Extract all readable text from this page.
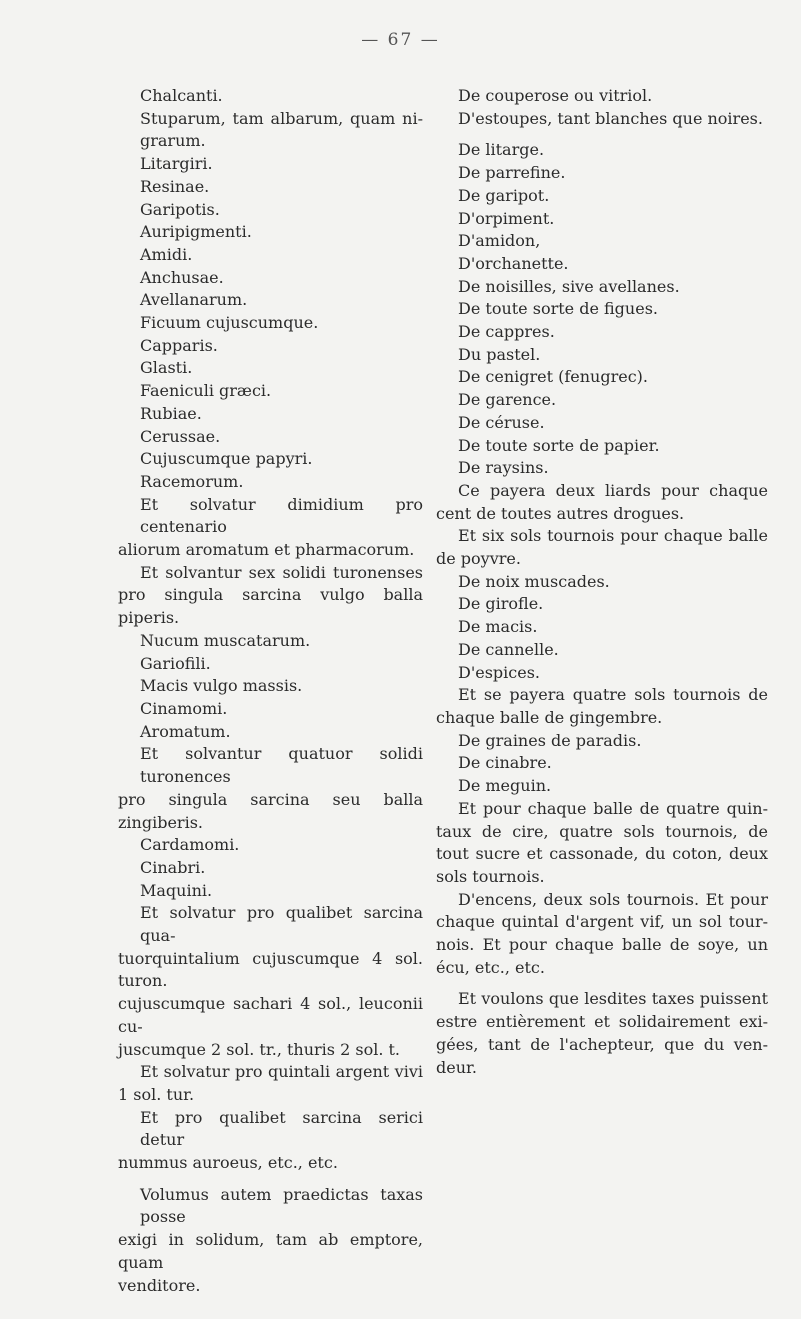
— 67 —
Chalcanti.
Stuparum, tam albarum, quam ni-
grarum.
Litargiri.
Resinae.
Garipotis.
Auripigmenti.
Amidi.
Anchusae.
Avellanarum.
Ficuum cujuscumque.
Capparis.
Glasti.
Faeniculi græci.
Rubiae.
Cerussae.
Cujuscumque papyri.
Racemorum.
Et solvatur dimidium pro centenario
aliorum aromatum et pharmacorum.
Et solvantur sex solidi turonenses
pro singula sarcina vulgo balla piperis.
Nucum muscatarum.
Gariofili.
Macis vulgo massis.
Cinamomi.
Aromatum.
Et solvantur quatuor solidi turonences
pro singula sarcina seu balla zingiberis.
Cardamomi.
Cinabri.
Maquini.
Et solvatur pro qualibet sarcina qua-
tuorquintalium cujuscumque 4 sol. turon.
cujuscumque sachari 4 sol., leuconii cu-
juscumque 2 sol. tr., thuris 2 sol. t.
Et solvatur pro quintali argent vivi
1 sol. tur.
Et pro qualibet sarcina serici detur
nummus auroeus, etc., etc.
Volumus autem praedictas taxas posse
exigi in solidum, tam ab emptore, quam
venditore.
De couperose ou vitriol.
D'estoupes, tant blanches que noires.
De litarge.
De parrefine.
De garipot.
D'orpiment.
D'amidon,
D'orchanette.
De noisilles, sive avellanes.
De toute sorte de figues.
De cappres.
Du pastel.
De cenigret (fenugrec).
De garence.
De céruse.
De toute sorte de papier.
De raysins.
Ce payera deux liards pour chaque
cent de toutes autres drogues.
Et six sols tournois pour chaque balle
de poyvre.
De noix muscades.
De girofle.
De macis.
De cannelle.
D'espices.
Et se payera quatre sols tournois de
chaque balle de gingembre.
De graines de paradis.
De cinabre.
De meguin.
Et pour chaque balle de quatre quin-
taux de cire, quatre sols tournois, de
tout sucre et cassonade, du coton, deux
sols tournois.
D'encens, deux sols tournois. Et pour
chaque quintal d'argent vif, un sol tour-
nois. Et pour chaque balle de soye, un
écu, etc., etc.
Et voulons que lesdites taxes puissent
estre entièrement et solidairement exi-
gées, tant de l'achepteur, que du ven-
deur.
